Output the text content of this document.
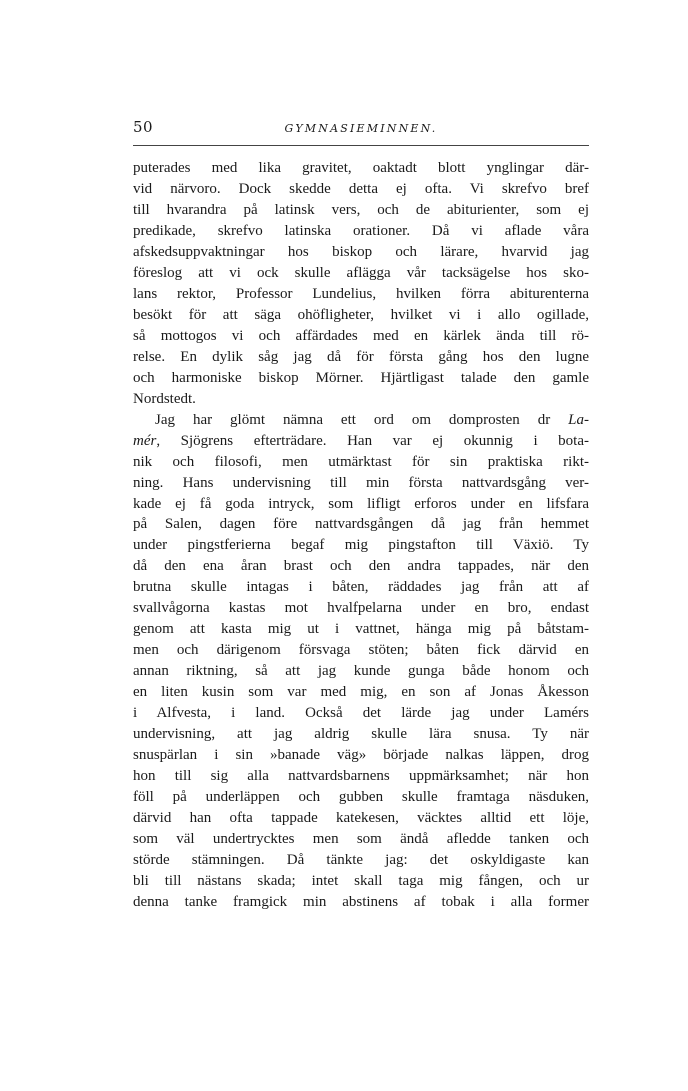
50	GYMNASIEMINNEN.
puterades med lika gravitet, oaktadt blott ynglingar där-
vid närvoro. Dock skedde detta ej ofta. Vi skrefvo bref
till hvarandra på latinsk vers, och de abiturienter, som ej
predikade, skrefvo latinska orationer. Då vi aflade våra
afskedsuppvaktningar hos biskop och lärare, hvarvid jag
föreslog att vi ock skulle aflägga vår tacksägelse hos sko-
lans rektor, Professor Lundelius, hvilken förra abiturenterna
besökt för att säga ohöfligheter, hvilket vi i allo ogillade,
så mottogos vi och affärdades med en kärlek ända till rö-
relse. En dylik såg jag då för första gång hos den lugne
och harmoniske biskop Mörner. Hjärtligast talade den gamle
Nordstedt.
Jag har glömt nämna ett ord om domprosten dr La-
mér, Sjögrens efterträdare. Han var ej okunnig i bota-
nik och filosofi, men utmärktast för sin praktiska rikt-
ning. Hans undervisning till min första nattvardsgång ver-
kade ej få goda intryck, som lifligt erforos under en lifsfara
på Salen, dagen före nattvardsgången då jag från hemmet
under pingstferierna begaf mig pingstafton till Växiö. Ty
då den ena åran brast och den andra tappades, när den
brutna skulle intagas i båten, räddades jag från att af
svallvågorna kastas mot hvalfpelarna under en bro, endast
genom att kasta mig ut i vattnet, hänga mig på båtstam-
men och därigenom försvaga stöten; båten fick därvid en
annan riktning, så att jag kunde gunga både honom och
en liten kusin som var med mig, en son af Jonas Åkesson
i Alfvesta, i land. Också det lärde jag under Lamérs
undervisning, att jag aldrig skulle lära snusa. Ty när
snuspärlan i sin »banade väg» började nalkas läppen, drog
hon till sig alla nattvardsbarnens uppmärksamhet; när hon
föll på underläppen och gubben skulle framtaga näsduken,
därvid han ofta tappade katekesen, väcktes alltid ett löje,
som väl undertrycktes men som ändå afledde tanken och
störde stämningen. Då tänkte jag: det oskyldigaste kan
bli till nästans skada; intet skall taga mig fången, och ur
denna tanke framgick min abstinens af tobak i alla former
